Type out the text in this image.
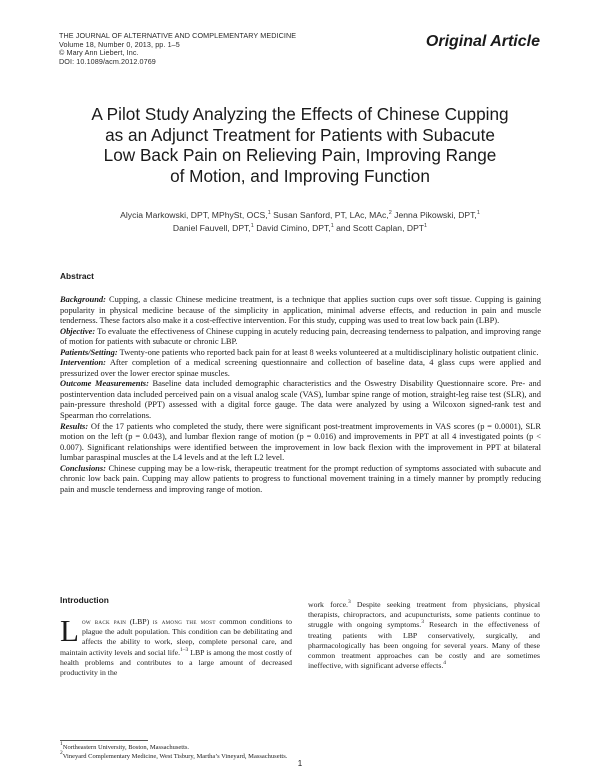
THE JOURNAL OF ALTERNATIVE AND COMPLEMENTARY MEDICINE
Volume 18, Number 0, 2013, pp. 1–5
© Mary Ann Liebert, Inc.
DOI: 10.1089/acm.2012.0769
Original Article
A Pilot Study Analyzing the Effects of Chinese Cupping
as an Adjunct Treatment for Patients with Subacute
Low Back Pain on Relieving Pain, Improving Range
of Motion, and Improving Function
Alycia Markowski, DPT, MPhySt, OCS,$^1$ Susan Sanford, PT, LAc, MAc,$^2$ Jenna Pikowski, DPT,$^1$
Daniel Fauvell, DPT,$^1$ David Cimino, DPT,$^1$ and Scott Caplan, DPT$^1$
Abstract

Background: Cupping, a classic Chinese medicine treatment, is a technique that applies suction cups over soft tissue. Cupping is gaining popularity in physical medicine because of the simplicity in application, minimal adverse effects, and reduction in pain and muscle tenderness. These factors also make it a cost-effective intervention. For this study, cupping was used to treat low back pain (LBP).

Objective: To evaluate the effectiveness of Chinese cupping in acutely reducing pain, decreasing tenderness to palpation, and improving range of motion for patients with subacute or chronic LBP.

Patients/Setting: Twenty-one patients who reported back pain for at least 8 weeks volunteered at a multidisciplinary holistic outpatient clinic.

Intervention: After completion of a medical screening questionnaire and collection of baseline data, 4 glass cups were applied and pressurized over the lower erector spinae muscles.

Outcome Measurements: Baseline data included demographic characteristics and the Oswestry Disability Questionnaire score. Pre- and postintervention data included perceived pain on a visual analog scale (VAS), lumbar spine range of motion, straight-leg raise test (SLR), and pain-pressure threshold (PPT) assessed with a digital force gauge. The data were analyzed by using a Wilcoxon signed-rank test and Spearman rho correlations.

Results: Of the 17 patients who completed the study, there were significant post-treatment improvements in VAS scores (p = 0.0001), SLR motion on the left (p = 0.043), and lumbar flexion range of motion (p = 0.016) and improvements in PPT at all 4 investigated points (p < 0.007). Significant relationships were identified between the improvement in low back flexion with the improvement in PPT at bilateral lumbar paraspinal muscles at the L4 levels and at the left L2 level.

Conclusions: Chinese cupping may be a low-risk, therapeutic treatment for the prompt reduction of symptoms associated with subacute and chronic low back pain. Cupping may allow patients to progress to functional movement training in a timely manner by promptly reducing pain and muscle tenderness and improving range of motion.

Introduction
Low back pain (LBP) is among the most common conditions to plague the adult population. This condition can be debilitating and affects the ability to work, sleep, complete personal care, and maintain activity levels and social life.$^{1-3}$ LBP is among the most costly of health problems and contributes to a large amount of decreased productivity in the
work force.$^3$ Despite seeking treatment from physicians, physical therapists, chiropractors, and acupuncturists, some patients continue to struggle with ongoing symptoms.$^3$ Research in the effectiveness of treating patients with LBP conservatively, surgically, and pharmacologically has been ongoing for several years. Many of these common treatment approaches can be costly and are sometimes ineffective, with significant adverse effects.$^4$
$^1$Northeastern University, Boston, Massachusetts.
$^2$Vineyard Complementary Medicine, West Tisbury, Martha’s Vineyard, Massachusetts.
1
